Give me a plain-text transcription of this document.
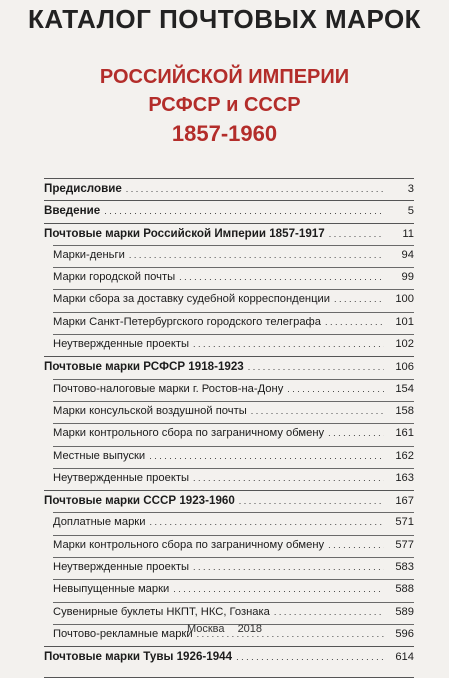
КАТАЛОГ ПОЧТОВЫХ МАРОК
РОССИЙСКОЙ ИМПЕРИИ
РСФСР и СССР
1857-1960
Предисловие . . .	3
Введение . . .	5
Почтовые марки Российской Империи 1857-1917 . . .	11
Марки-деньги . . .	94
Марки городской почты . . .	99
Марки сбора за доставку судебной корреспонденции . . .	100
Марки Санкт-Петербургского городского телеграфа . . .	101
Неутвержденные проекты . . .	102
Почтовые марки РСФСР 1918-1923 . . .	106
Почтово-налоговые марки г. Ростов-на-Дону . . .	154
Марки консульской воздушной почты . . .	158
Марки контрольного сбора по заграничному обмену . . .	161
Местные выпуски . . .	162
Неутвержденные проекты . . .	163
Почтовые марки СССР 1923-1960 . . .	167
Доплатные марки . . .	571
Марки контрольного сбора по заграничному обмену . . .	577
Неутвержденные проекты . . .	583
Невыпущенные марки . . .	588
Сувенирные буклеты НКПТ, НКС, Гознака . . .	589
Почтово-рекламные марки . . .	596
Почтовые марки Тувы 1926-1944 . . .	614
Москва 2018
